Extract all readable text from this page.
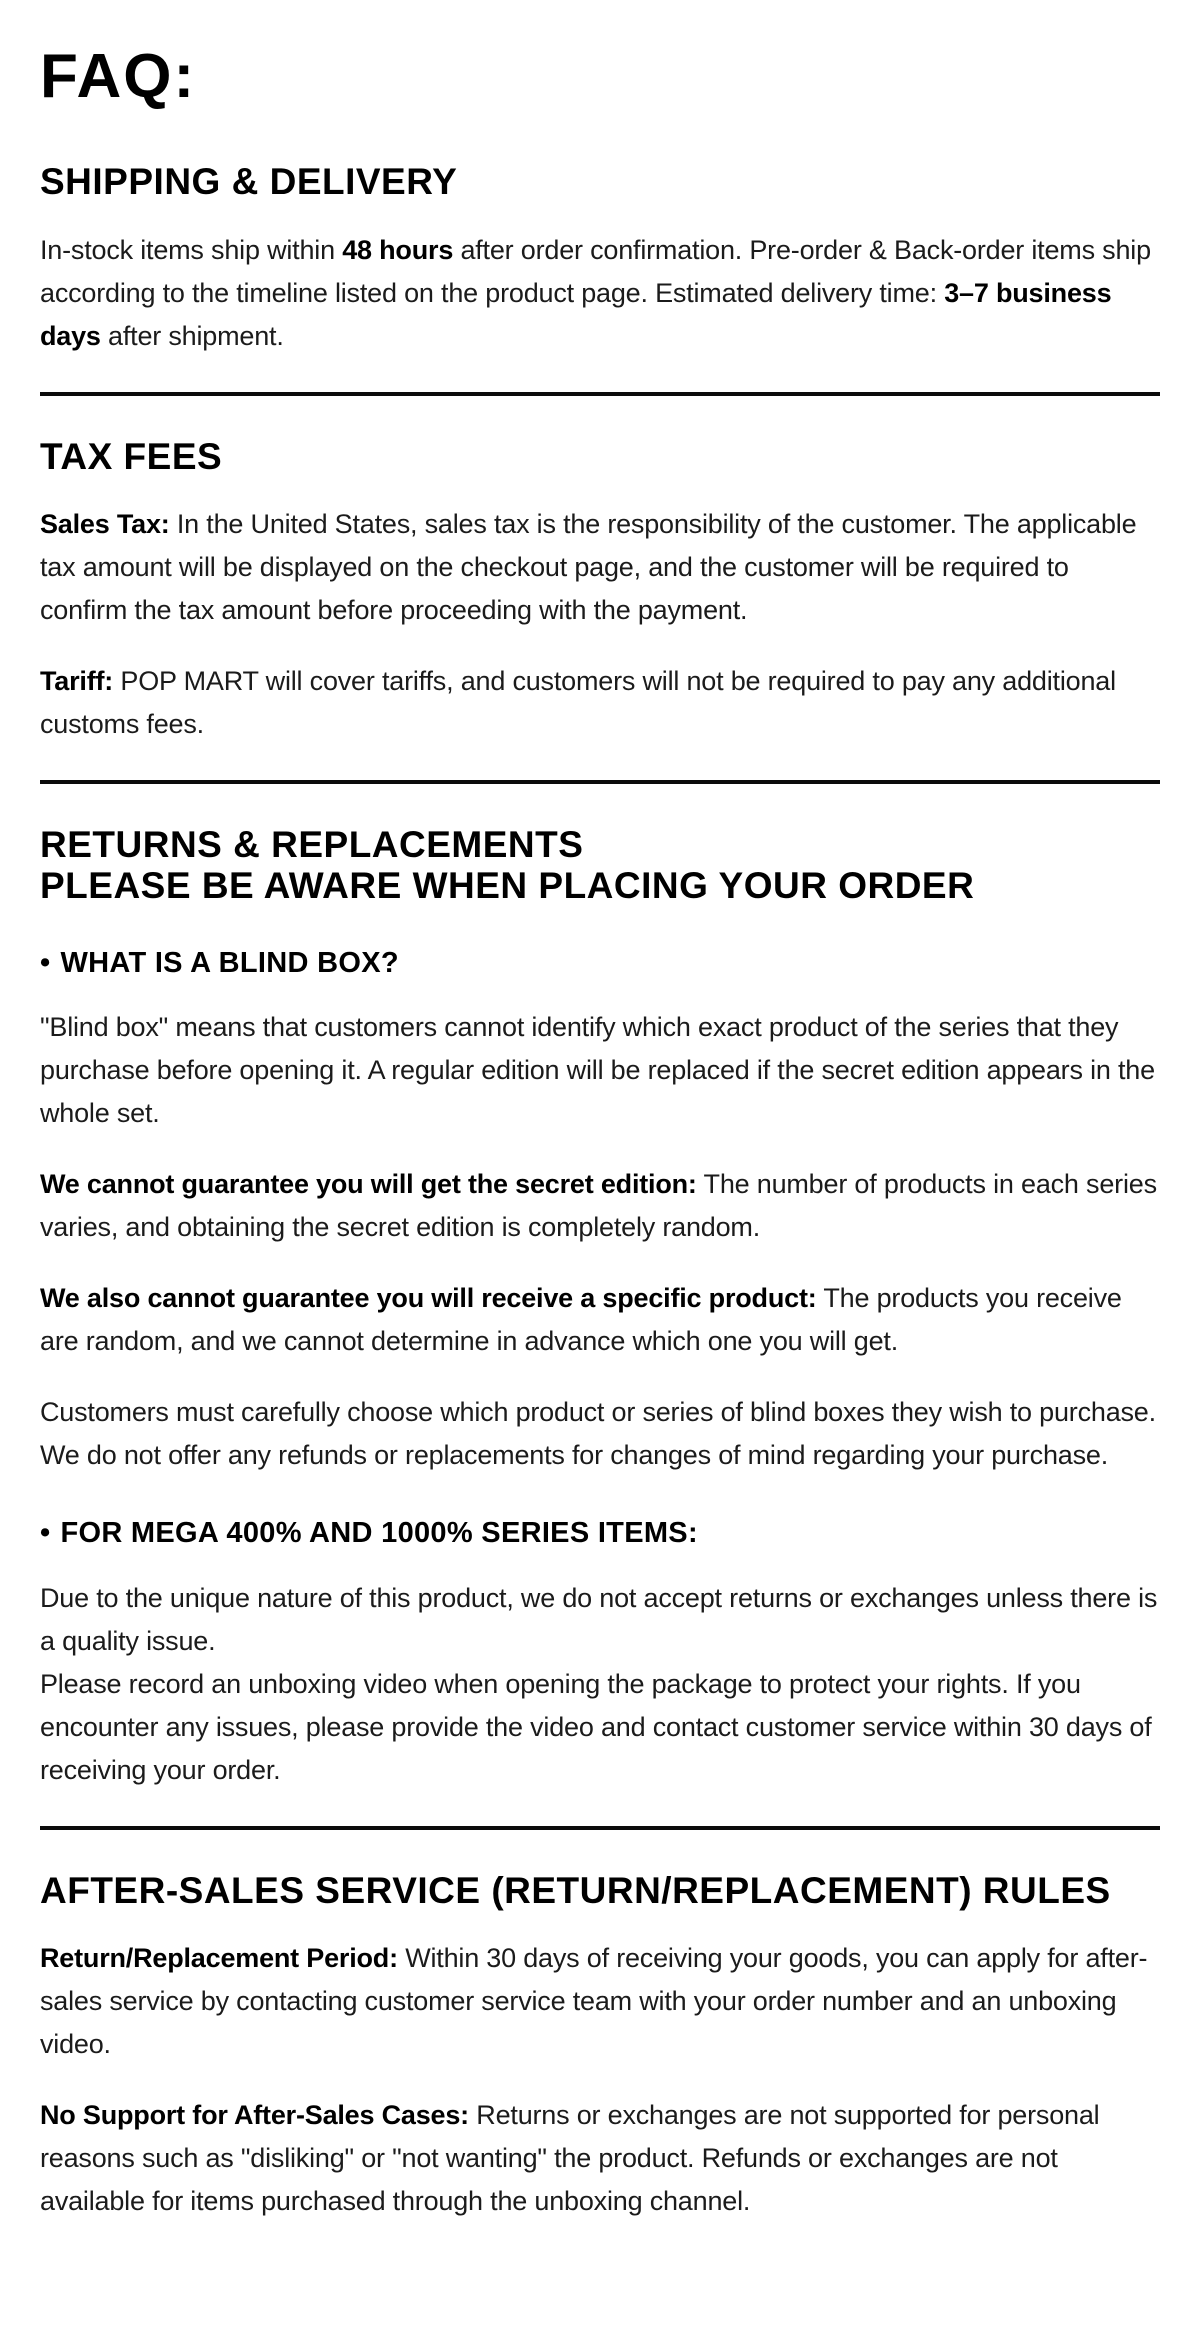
FAQ:
SHIPPING & DELIVERY

In-stock items ship within 48 hours after order confirmation. Pre-order & Back-order items ship according to the timeline listed on the product page. Estimated delivery time: 3–7 business days after shipment.

TAX FEES

Sales Tax: In the United States, sales tax is the responsibility of the customer. The applicable tax amount will be displayed on the checkout page, and the customer will be required to confirm the tax amount before proceeding with the payment.

Tariff: POP MART will cover tariffs, and customers will not be required to pay any additional customs fees.

RETURNS & REPLACEMENTS
PLEASE BE AWARE WHEN PLACING YOUR ORDER
• WHAT IS A BLIND BOX?

"Blind box" means that customers cannot identify which exact product of the series that they purchase before opening it. A regular edition will be replaced if the secret edition appears in the whole set.

We cannot guarantee you will get the secret edition: The number of products in each series varies, and obtaining the secret edition is completely random.

We also cannot guarantee you will receive a specific product: The products you receive are random, and we cannot determine in advance which one you will get.

Customers must carefully choose which product or series of blind boxes they wish to purchase. We do not offer any refunds or replacements for changes of mind regarding your purchase.

• FOR MEGA 400% AND 1000% SERIES ITEMS:

Due to the unique nature of this product, we do not accept returns or exchanges unless there is a quality issue.
Please record an unboxing video when opening the package to protect your rights. If you encounter any issues, please provide the video and contact customer service within 30 days of receiving your order.

AFTER-SALES SERVICE (RETURN/REPLACEMENT) RULES

Return/Replacement Period: Within 30 days of receiving your goods, you can apply for after-sales service by contacting customer service team with your order number and an unboxing video.

No Support for After-Sales Cases: Returns or exchanges are not supported for personal reasons such as "disliking" or "not wanting" the product. Refunds or exchanges are not available for items purchased through the unboxing channel.
